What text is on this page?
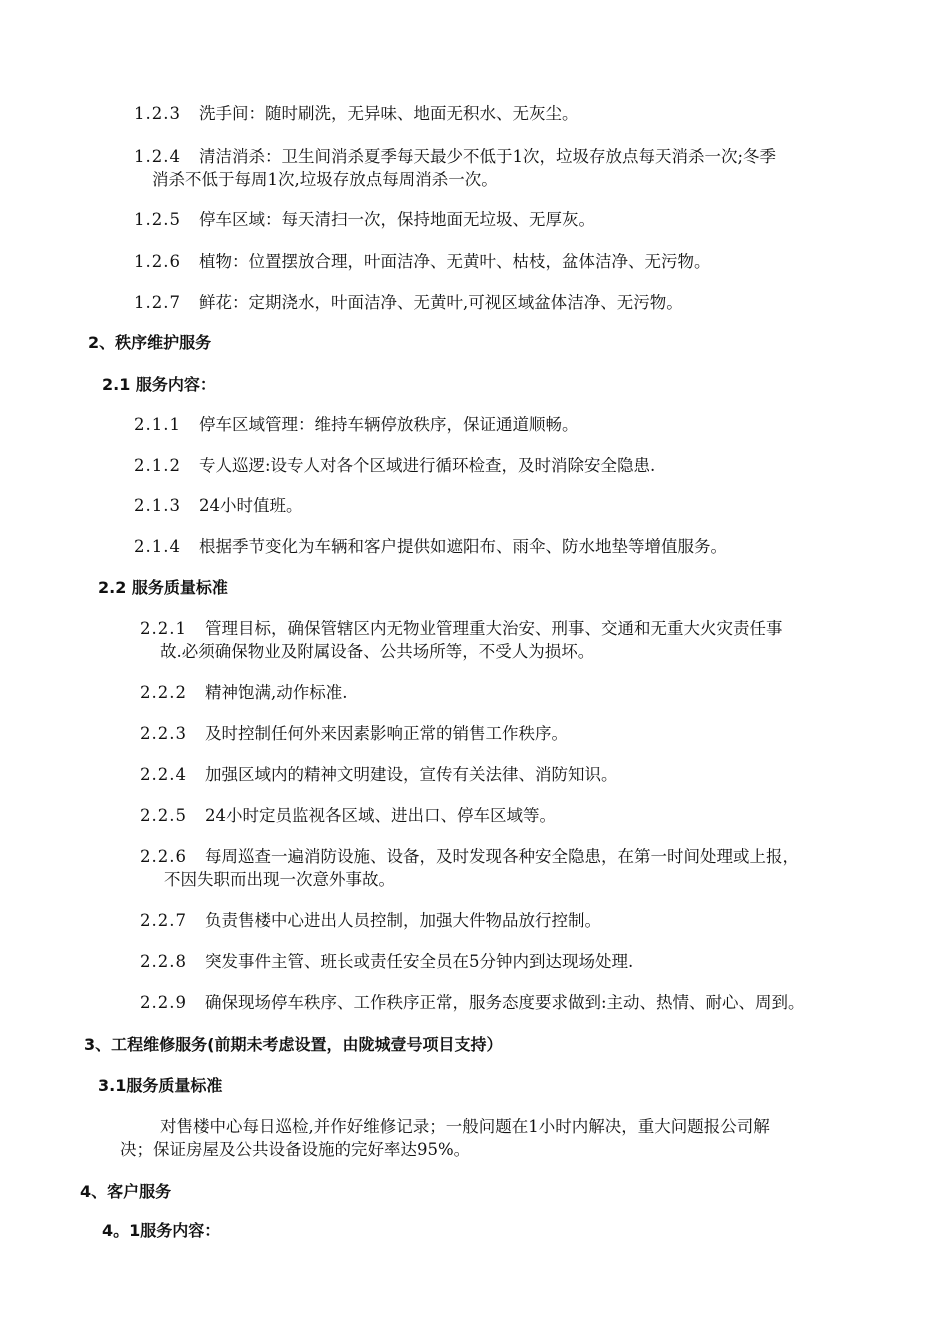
1.2.3 洗手间：随时刷洗，无异味、地面无积水、无灰尘。
1.2.4 清洁消杀：卫生间消杀夏季每天最少不低于1次，垃圾存放点每天消杀一次;冬季
消杀不低于每周1次,垃圾存放点每周消杀一次。
1.2.5 停车区域：每天清扫一次，保持地面无垃圾、无厚灰。
1.2.6 植物：位置摆放合理，叶面洁净、无黄叶、枯枝，盆体洁净、无污物。
1.2.7 鲜花：定期浇水，叶面洁净、无黄叶,可视区域盆体洁净、无污物。
2、秩序维护服务
2.1 服务内容：
2.1.1 停车区域管理：维持车辆停放秩序，保证通道顺畅。
2.1.2 专人巡逻:设专人对各个区域进行循环检查，及时消除安全隐患.
2.1.3 24小时值班。
2.1.4 根据季节变化为车辆和客户提供如遮阳布、雨伞、防水地垫等增值服务。
2.2 服务质量标准
2.2.1 管理目标，确保管辖区内无物业管理重大治安、刑事、交通和无重大火灾责任事
故.必须确保物业及附属设备、公共场所等，不受人为损坏。
2.2.2 精神饱满,动作标准.
2.2.3 及时控制任何外来因素影响正常的销售工作秩序。
2.2.4 加强区域内的精神文明建设，宣传有关法律、消防知识。
2.2.5 24小时定员监视各区域、进出口、停车区域等。
2.2.6 每周巡查一遍消防设施、设备，及时发现各种安全隐患，在第一时间处理或上报，
不因失职而出现一次意外事故。
2.2.7 负责售楼中心进出人员控制，加强大件物品放行控制。
2.2.8 突发事件主管、班长或责任安全员在5分钟内到达现场处理.
2.2.9 确保现场停车秩序、工作秩序正常，服务态度要求做到:主动、热情、耐心、周到。
3、工程维修服务(前期未考虑设置，由陇城壹号项目支持）
3.1服务质量标准
对售楼中心每日巡检,并作好维修记录；一般问题在1小时内解决，重大问题报公司解
决；保证房屋及公共设备设施的完好率达95%。
4、客户服务
4。1服务内容：
